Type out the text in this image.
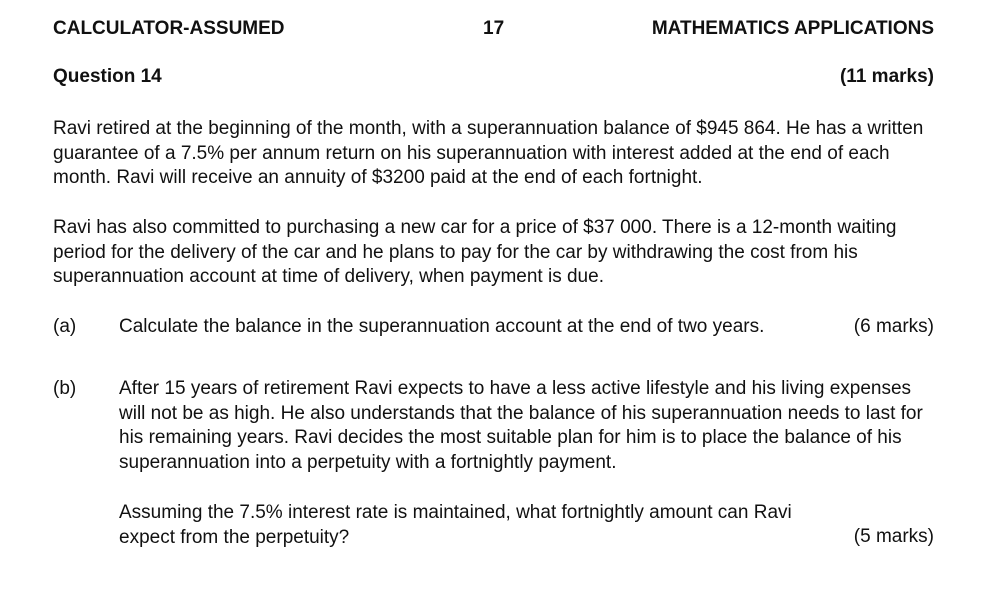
CALCULATOR-ASSUMED	17	MATHEMATICS APPLICATIONS
Question 14	(11 marks)
Ravi retired at the beginning of the month, with a superannuation balance of $945 864. He has a written guarantee of a 7.5% per annum return on his superannuation with interest added at the end of each month. Ravi will receive an annuity of $3200 paid at the end of each fortnight.
Ravi has also committed to purchasing a new car for a price of $37 000. There is a 12-month waiting period for the delivery of the car and he plans to pay for the car by withdrawing the cost from his superannuation account at time of delivery, when payment is due.
(a) Calculate the balance in the superannuation account at the end of two years.	(6 marks)
(b) After 15 years of retirement Ravi expects to have a less active lifestyle and his living expenses will not be as high. He also understands that the balance of his superannuation needs to last for his remaining years. Ravi decides the most suitable plan for him is to place the balance of his superannuation into a perpetuity with a fortnightly payment.
Assuming the 7.5% interest rate is maintained, what fortnightly amount can Ravi expect from the perpetuity?	(5 marks)
